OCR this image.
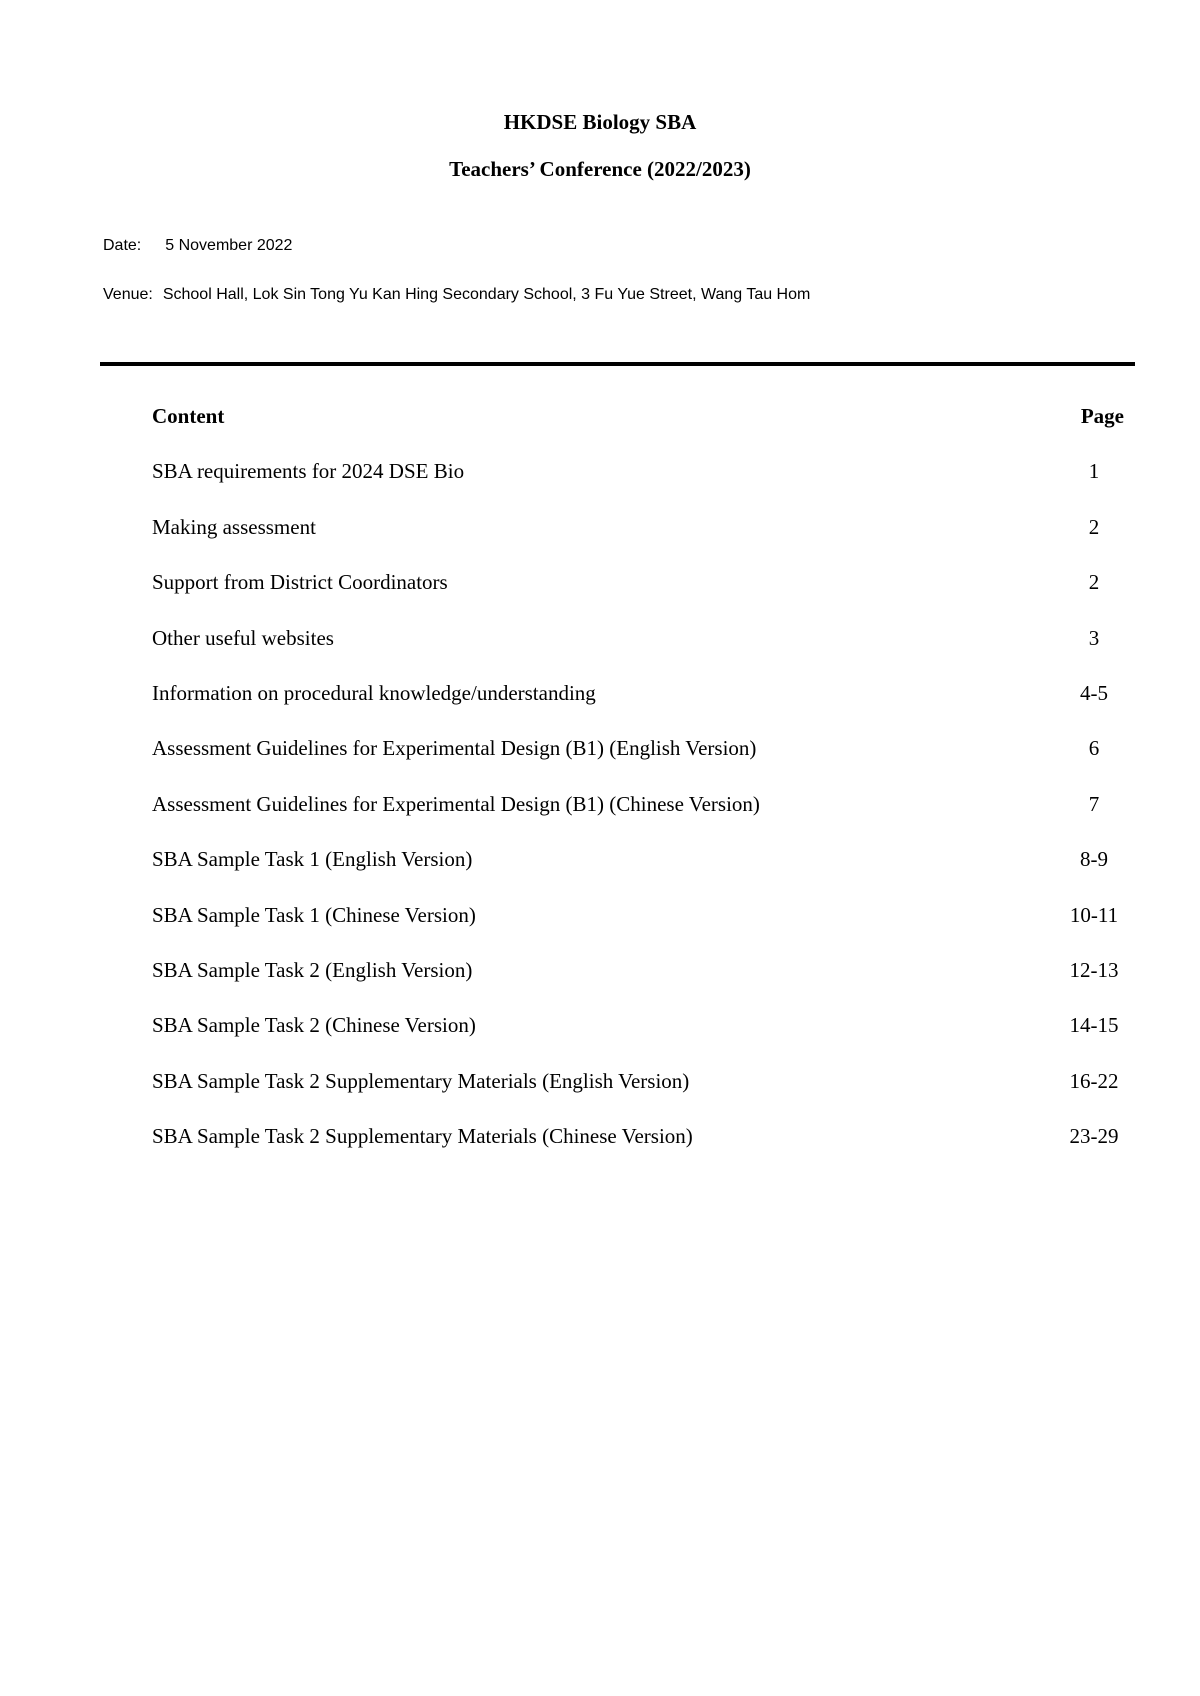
HKDSE Biology SBA
Teachers’ Conference (2022/2023)
Date: 5 November 2022
Venue: School Hall, Lok Sin Tong Yu Kan Hing Secondary School, 3 Fu Yue Street, Wang Tau Hom
Content	Page
SBA requirements for 2024 DSE Bio	1
Making assessment	2
Support from District Coordinators	2
Other useful websites	3
Information on procedural knowledge/understanding	4-5
Assessment Guidelines for Experimental Design (B1) (English Version)	6
Assessment Guidelines for Experimental Design (B1) (Chinese Version)	7
SBA Sample Task 1 (English Version)	8-9
SBA Sample Task 1 (Chinese Version)	10-11
SBA Sample Task 2 (English Version)	12-13
SBA Sample Task 2 (Chinese Version)	14-15
SBA Sample Task 2 Supplementary Materials (English Version)	16-22
SBA Sample Task 2 Supplementary Materials (Chinese Version)	23-29
